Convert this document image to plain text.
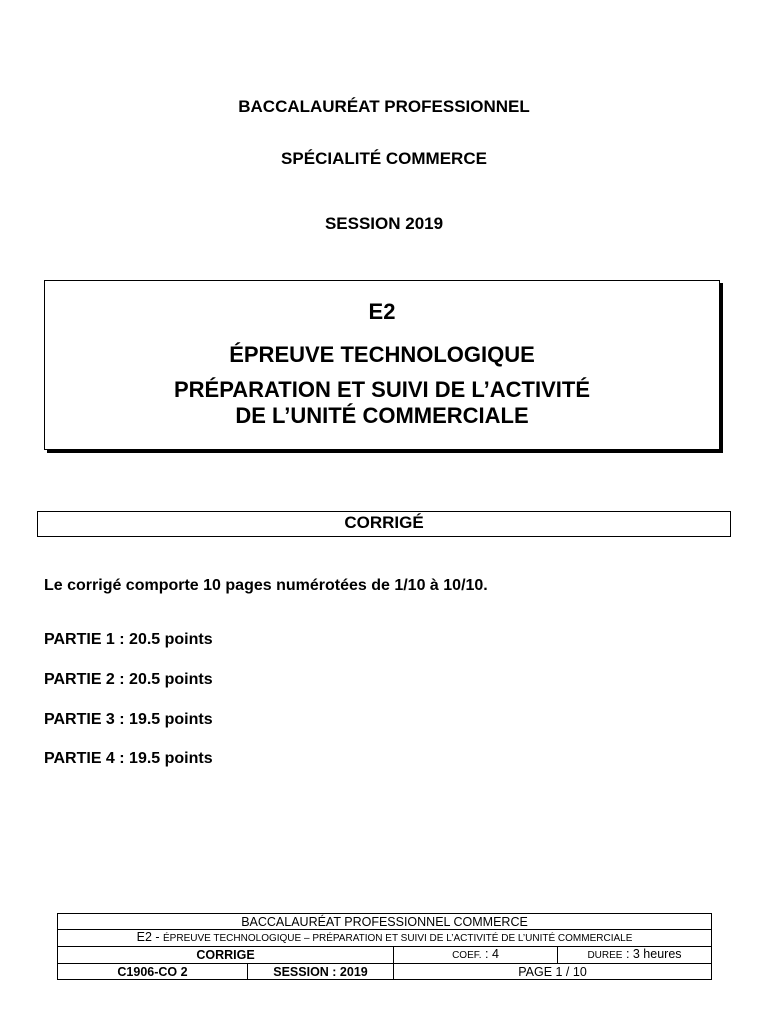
BACCALAURÉAT PROFESSIONNEL
SPÉCIALITÉ COMMERCE
SESSION 2019
E2
ÉPREUVE TECHNOLOGIQUE
PRÉPARATION ET SUIVI DE L’ACTIVITÉ
DE L’UNITÉ COMMERCIALE
CORRIGÉ
Le corrigé comporte 10 pages numérotées de 1/10 à 10/10.
PARTIE 1 : 20.5 points
PARTIE 2 : 20.5 points
PARTIE 3 : 19.5 points
PARTIE 4 : 19.5 points
BACCALAURÉAT PROFESSIONNEL COMMERCE			
E2 - ÉPREUVE TECHNOLOGIQUE – PRÉPARATION ET SUIVI DE L’ACTIVITÉ DE L’UNITÉ COMMERCIALE			
CORRIGE		COEF. : 4	DUREE : 3 heures
C1906-CO 2	SESSION : 2019	PAGE 1 / 10	
